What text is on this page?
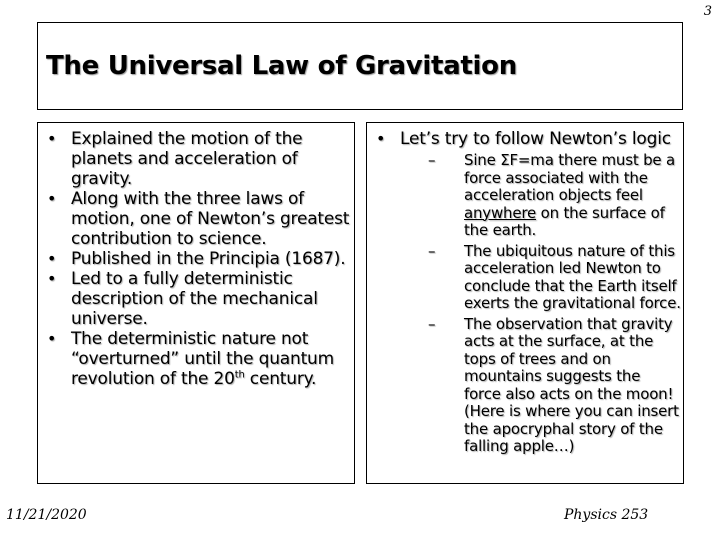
3
The Universal Law of Gravitation
• Explained the motion of the planets and acceleration of gravity.
• Along with the three laws of motion, one of Newton’s greatest contribution to science.
• Published in the Principia (1687).
• Led to a fully deterministic description of the mechanical universe.
• The deterministic nature not “overturned” until the quantum revolution of the 20th century.
• Let’s try to follow Newton’s logic
– Sine ΣF=ma there must be a force associated with the acceleration objects feel anywhere on the surface of the earth.
– The ubiquitous nature of this acceleration led Newton to conclude that the Earth itself exerts the gravitational force.
– The observation that gravity acts at the surface, at the tops of trees and on mountains suggests the force also acts on the moon! (Here is where you can insert the apocryphal story of the falling apple…)
11/21/2020	Physics 253
